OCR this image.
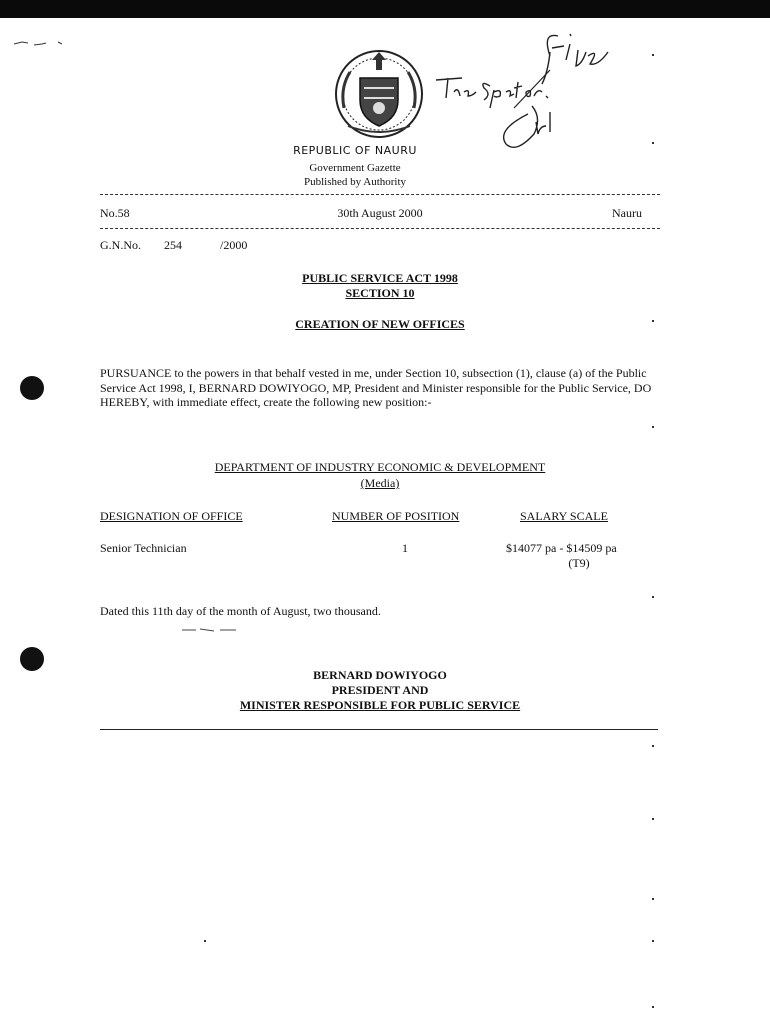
REPUBLIC OF NAURU
Government Gazette
Published by Authority
No.58	30th August 2000	Nauru
G.N.No. 254	/2000
PUBLIC SERVICE ACT 1998
SECTION 10
CREATION OF NEW OFFICES
PURSUANCE to the powers in that behalf vested in me, under Section 10, subsection (1), clause (a) of the Public Service Act 1998, I, BERNARD DOWIYOGO, MP, President and Minister responsible for the Public Service, DO HEREBY, with immediate effect, create the following new position:-
DEPARTMENT OF INDUSTRY ECONOMIC & DEVELOPMENT
(Media)
DESIGNATION OF OFFICE	NUMBER OF POSITION	SALARY SCALE
Senior Technician	1	$14077 pa - $14509 pa
(T9)
Dated this 11th day of the month of August, two thousand.
BERNARD DOWIYOGO
PRESIDENT AND
MINISTER RESPONSIBLE FOR PUBLIC SERVICE
